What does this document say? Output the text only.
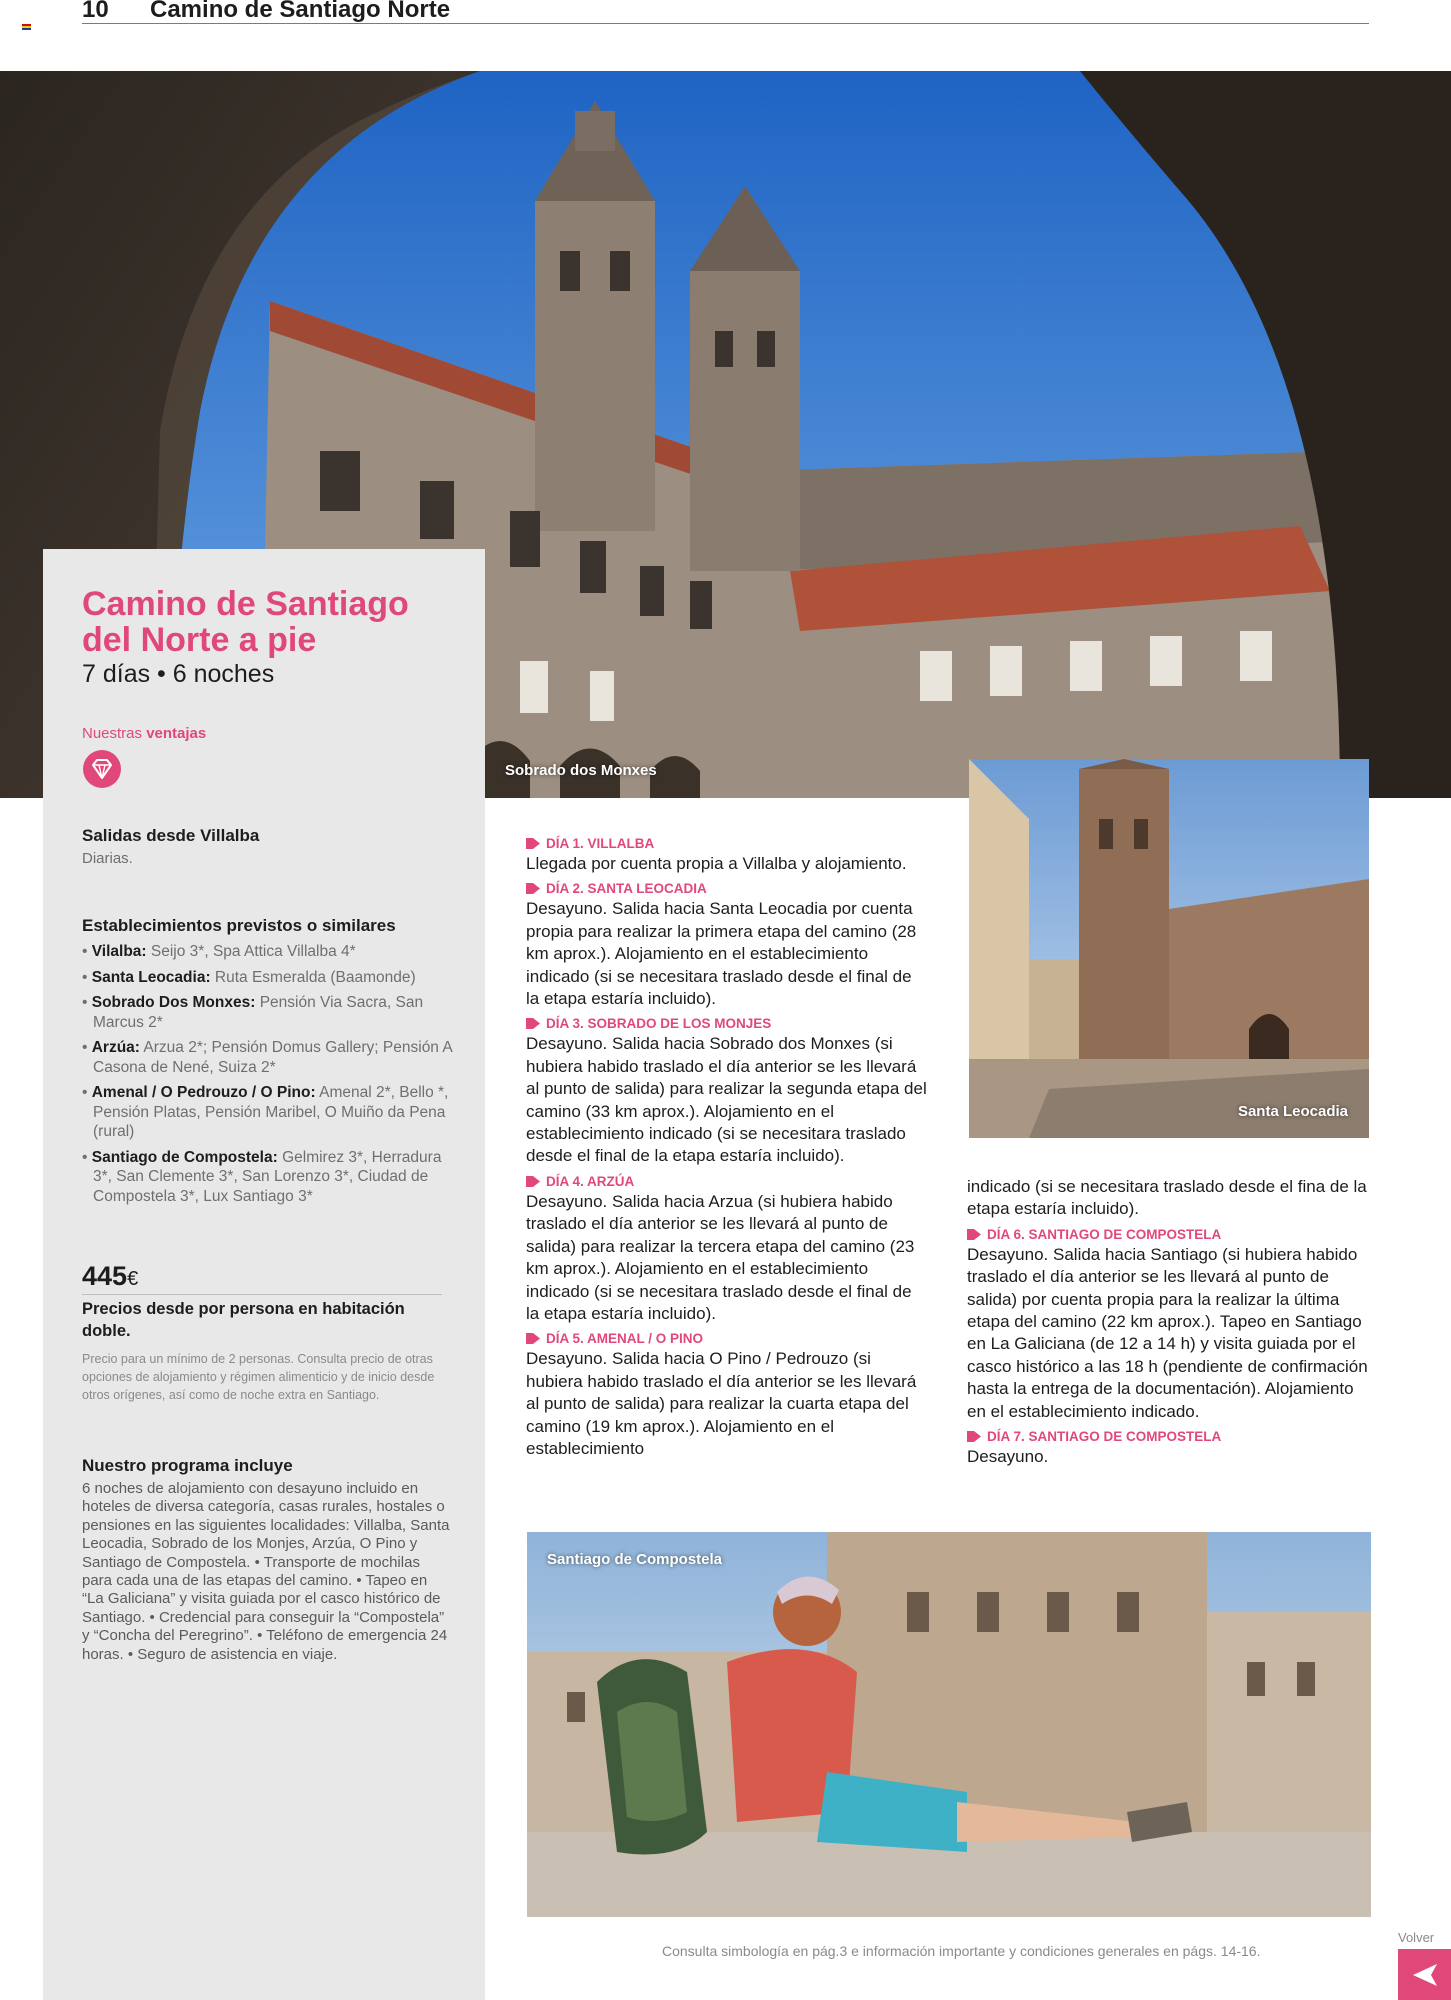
10 Camino de Santiago Norte
Sobrado dos Monxes
Camino de Santiago del Norte a pie
7 días • 6 noches
Nuestras ventajas
Salidas desde Villalba
Diarias.
Establecimientos previstos o similares
• Vilalba: Seijo 3*, Spa Attica Villalba 4*
• Santa Leocadia: Ruta Esmeralda (Baamonde)
• Sobrado Dos Monxes: Pensión Via Sacra, San Marcus 2*
• Arzúa: Arzua 2*; Pensión Domus Gallery; Pensión A Casona de Nené, Suiza 2*
• Amenal / O Pedrouzo / O Pino: Amenal 2*, Bello *, Pensión Platas, Pensión Maribel, O Muiño da Pena (rural)
• Santiago de Compostela: Gelmirez 3*, Herradura 3*, San Clemente 3*, San Lorenzo 3*, Ciudad de Compostela 3*, Lux Santiago 3*
445€
Precios desde por persona en habitación doble.
Precio para un mínimo de 2 personas. Consulta precio de otras opciones de alojamiento y régimen alimenticio y de inicio desde otros orígenes, así como de noche extra en Santiago.
Nuestro programa incluye
6 noches de alojamiento con desayuno incluido en hoteles de diversa categoría, casas rurales, hostales o pensiones en las siguientes localidades: Villalba, Santa Leocadia, Sobrado de los Monjes, Arzúa, O Pino y Santiago de Compostela. • Transporte de mochilas para cada una de las etapas del camino. • Tapeo en “La Galiciana” y visita guiada por el casco histórico de Santiago. • Credencial para conseguir la “Compostela” y “Concha del Peregrino”. • Teléfono de emergencia 24 horas. • Seguro de asistencia en viaje.
DÍA 1. VILLALBA
Llegada por cuenta propia a Villalba y alojamiento.
DÍA 2. SANTA LEOCADIA
Desayuno. Salida hacia Santa Leocadia por cuenta propia para realizar la primera etapa del camino (28 km aprox.). Alojamiento en el establecimiento indicado (si se necesitara traslado desde el final de la etapa estaría incluido).
DÍA 3. SOBRADO DE LOS MONJES
Desayuno. Salida hacia Sobrado dos Monxes (si hubiera habido traslado el día anterior se les llevará al punto de salida) para realizar la segunda etapa del camino (33 km aprox.). Alojamiento en el establecimiento indicado (si se necesitara traslado desde el final de la etapa estaría incluido).
DÍA 4. ARZÚA
Desayuno. Salida hacia Arzua (si hubiera habido traslado el día anterior se les llevará al punto de salida) para realizar la tercera etapa del camino (23 km aprox.). Alojamiento en el establecimiento indicado (si se necesitara traslado desde el final de la etapa estaría incluido).
DÍA 5. AMENAL / O PINO
Desayuno. Salida hacia O Pino / Pedrouzo (si hubiera habido traslado el día anterior se les llevará al punto de salida) para realizar la cuarta etapa del camino (19 km aprox.). Alojamiento en el establecimiento
Santa Leocadia
indicado (si se necesitara traslado desde el fina de la etapa estaría incluido).
DÍA 6. SANTIAGO DE COMPOSTELA
Desayuno. Salida hacia Santiago (si hubiera habido traslado el día anterior se les llevará al punto de salida) por cuenta propia para la realizar la última etapa del camino (22 km aprox.). Tapeo en Santiago en La Galiciana (de 12 a 14 h) y visita guiada por el casco histórico a las 18 h (pendiente de confirmación hasta la entrega de la documentación). Alojamiento en el establecimiento indicado.
DÍA 7. SANTIAGO DE COMPOSTELA
Desayuno.
Santiago de Compostela
Consulta simbología en pág.3 e información importante y condiciones generales en págs. 14-16.
Volver
